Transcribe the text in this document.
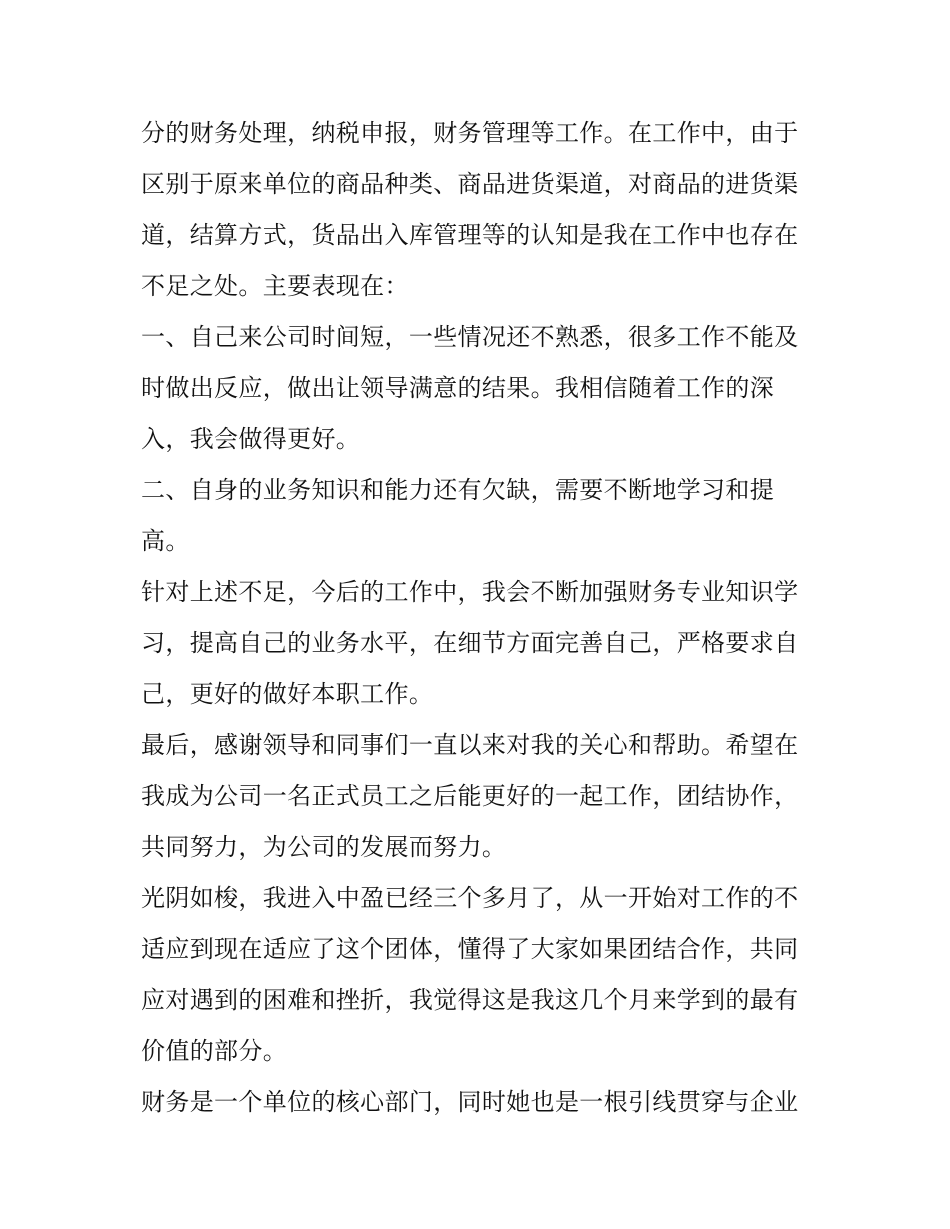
分的财务处理，纳税申报，财务管理等工作。在工作中，由于
区别于原来单位的商品种类、商品进货渠道，对商品的进货渠
道，结算方式，货品出入库管理等的认知是我在工作中也存在
不足之处。主要表现在：
一、自己来公司时间短，一些情况还不熟悉，很多工作不能及
时做出反应，做出让领导满意的结果。我相信随着工作的深
入，我会做得更好。
二、自身的业务知识和能力还有欠缺，需要不断地学习和提
高。
针对上述不足，今后的工作中，我会不断加强财务专业知识学
习，提高自己的业务水平，在细节方面完善自己，严格要求自
己，更好的做好本职工作。
最后，感谢领导和同事们一直以来对我的关心和帮助。希望在
我成为公司一名正式员工之后能更好的一起工作，团结协作，
共同努力，为公司的发展而努力。
光阴如梭，我进入中盈已经三个多月了，从一开始对工作的不
适应到现在适应了这个团体，懂得了大家如果团结合作，共同
应对遇到的困难和挫折，我觉得这是我这几个月来学到的最有
价值的部分。
财务是一个单位的核心部门，同时她也是一根引线贯穿与企业
